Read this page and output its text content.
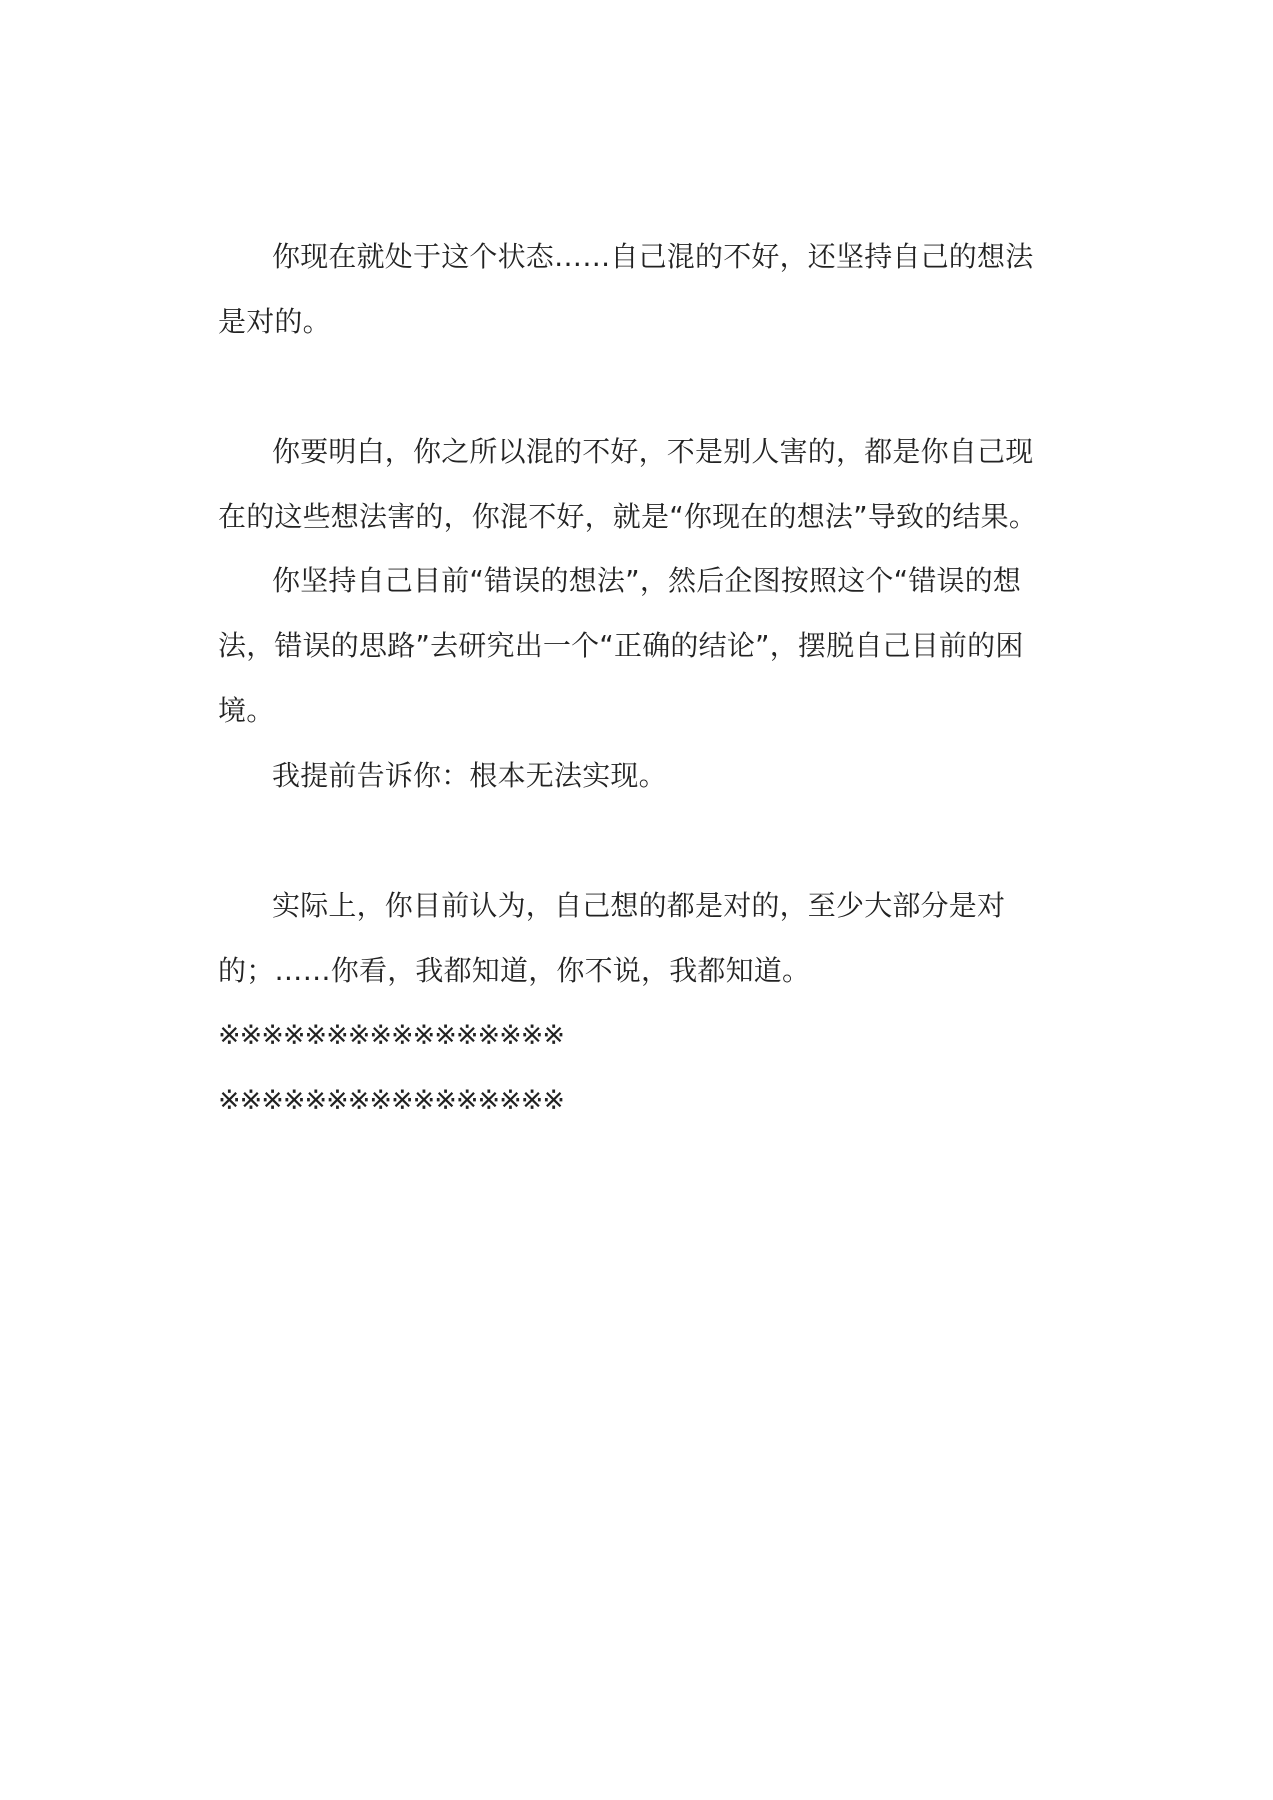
你现在就处于这个状态……自己混的不好，还坚持自己的想法
是对的。
你要明白，你之所以混的不好，不是别人害的，都是你自己现
在的这些想法害的，你混不好，就是“你现在的想法”导致的结果。
你坚持自己目前“错误的想法”，然后企图按照这个“错误的想
法，错误的思路”去研究出一个“正确的结论”，摆脱自己目前的困
境。
我提前告诉你：根本无法实现。
实际上，你目前认为，自己想的都是对的，至少大部分是对
的；……你看，我都知道，你不说，我都知道。
※※※※※※※※※※※※※※※※
※※※※※※※※※※※※※※※※
